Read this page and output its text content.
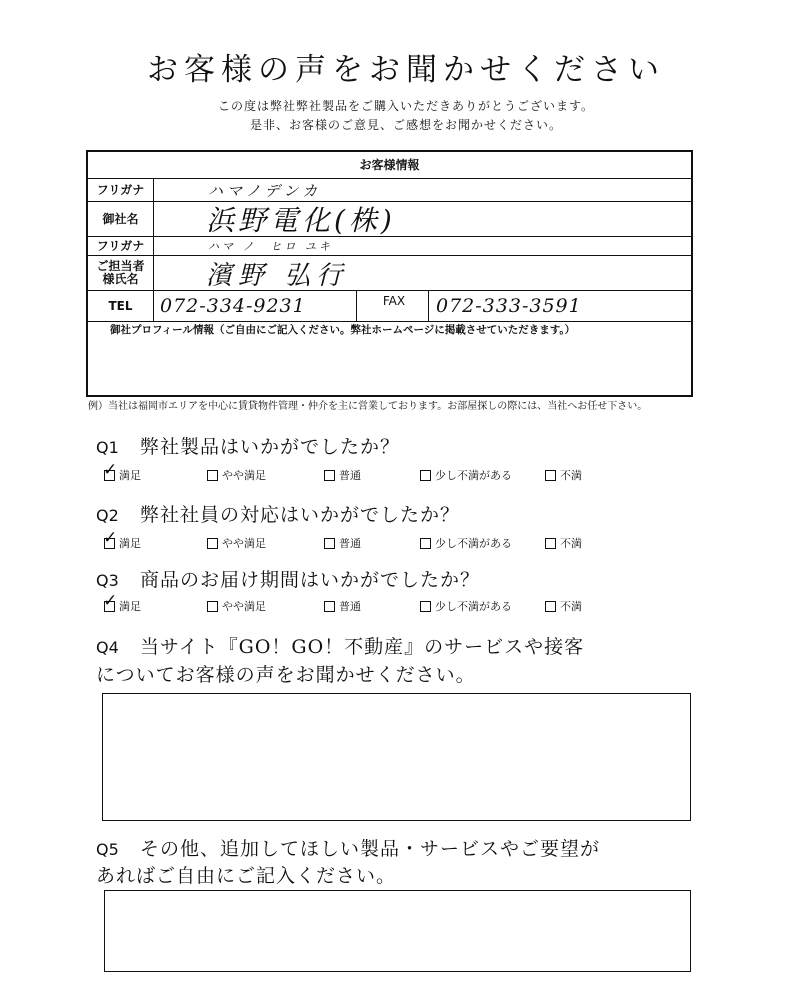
お客様の声をお聞かせください
この度は弊社弊社製品をご購入いただきありがとうございます。
是非、お客様のご意見、ご感想をお聞かせください。
お客様情報
フリガナ	ハマノデンカ
御社名	浜野電化(株)
フリガナ	ハマ ノ　ヒロ ユキ
ご担当者
様氏名	濱野 弘行
TEL	072-334-9231	FAX	072-333-3591
御社プロフィール情報（ご自由にご記入ください。弊社ホームページに掲載させていただきます。）
例）当社は福岡市エリアを中心に賃貸物件管理・仲介を主に営業しております。お部屋探しの際には、当社へお任せ下さい。
Q1 弊社製品はいかがでしたか？
✓ 満足	やや満足	普通	少し不満がある	不満
Q2 弊社社員の対応はいかがでしたか？
✓ 満足	やや満足	普通	少し不満がある	不満
Q3 商品のお届け期間はいかがでしたか？
✓ 満足	やや満足	普通	少し不満がある	不満
Q4 当サイト『GO！GO！不動産』のサービスや接客
についてお客様の声をお聞かせください。
Q5 その他、追加してほしい製品・サービスやご要望が
あればご自由にご記入ください。
